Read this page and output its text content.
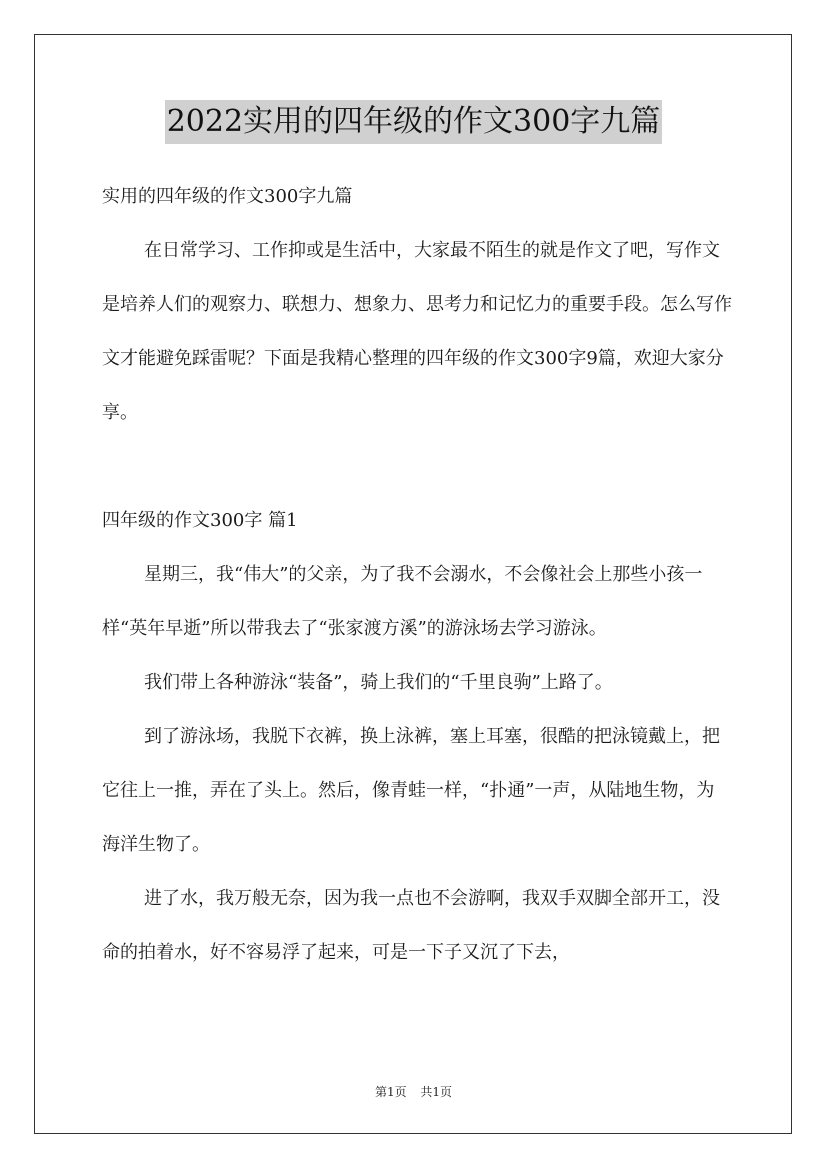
2022实用的四年级的作文300字九篇

实用的四年级的作文300字九篇

在日常学习、工作抑或是生活中，大家最不陌生的就是作文了吧，写作文是培养人们的观察力、联想力、想象力、思考力和记忆力的重要手段。怎么写作文才能避免踩雷呢？下面是我精心整理的四年级的作文300字9篇，欢迎大家分享。

四年级的作文300字 篇1

星期三，我“伟大”的父亲，为了我不会溺水，不会像社会上那些小孩一样“英年早逝”所以带我去了“张家渡方溪”的游泳场去学习游泳。

我们带上各种游泳“装备”，骑上我们的“千里良驹”上路了。

到了游泳场，我脱下衣裤，换上泳裤，塞上耳塞，很酷的把泳镜戴上，把它往上一推，弄在了头上。然后，像青蛙一样，“扑通”一声，从陆地生物，为海洋生物了。

进了水，我万般无奈，因为我一点也不会游啊，我双手双脚全部开工，没命的拍着水，好不容易浮了起来，可是一下子又沉了下去，

第1页 共1页
